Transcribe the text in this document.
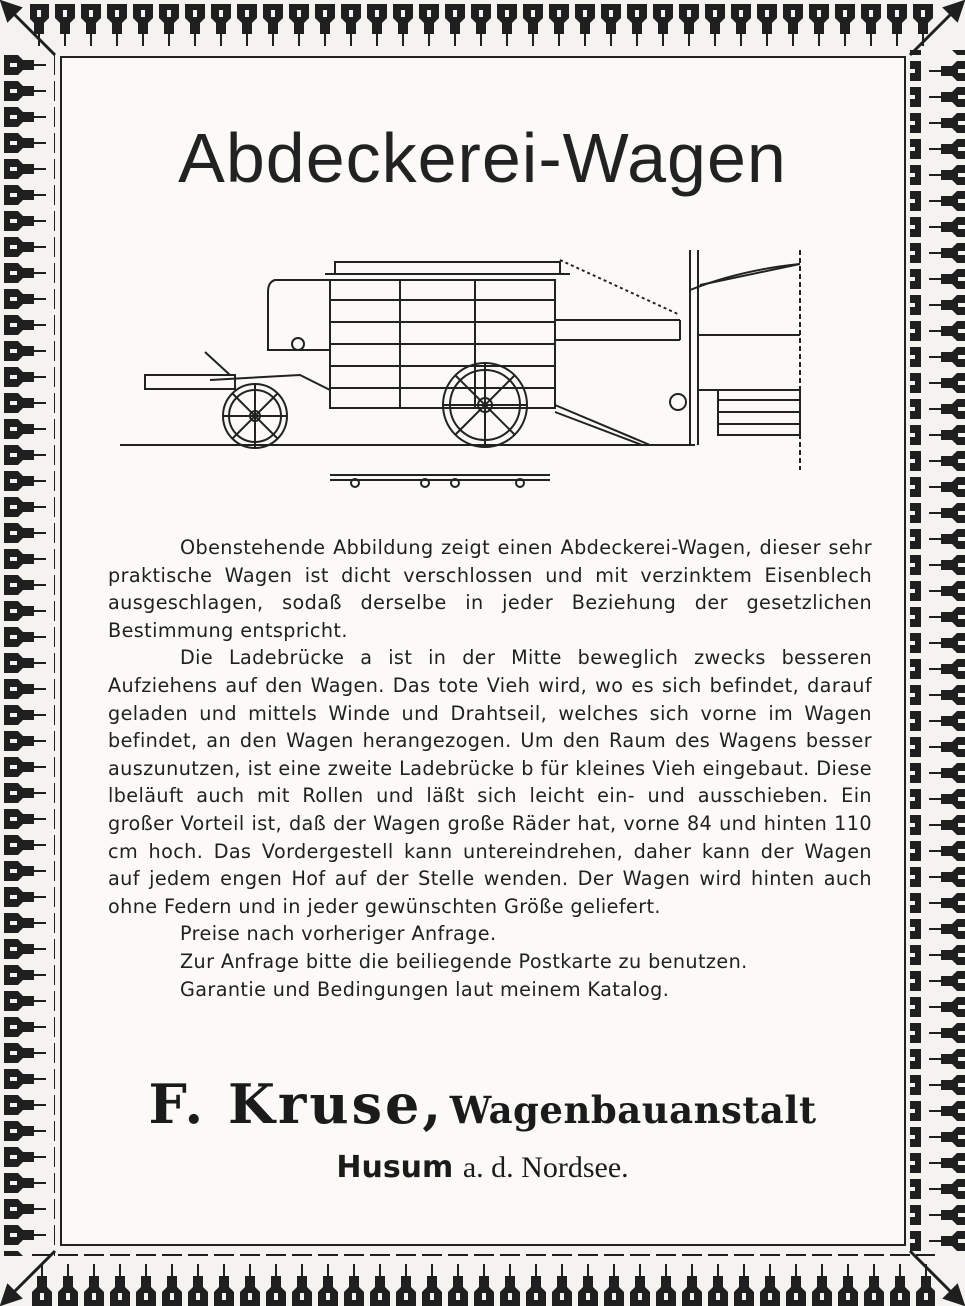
Abdeckerei-Wagen

Obenstehende Abbildung zeigt einen Abdeckerei-Wagen, dieser sehr praktische Wagen ist dicht verschlossen und mit verzinktem Eisenblech ausgeschlagen, sodaß derselbe in jeder Beziehung der gesetzlichen Bestimmung entspricht.

Die Ladebrücke a ist in der Mitte beweglich zwecks besseren Aufziehens auf den Wagen. Das tote Vieh wird, wo es sich befindet, darauf geladen und mittels Winde und Drahtseil, welches sich vorne im Wagen befindet, an den Wagen herangezogen. Um den Raum des Wagens besser auszunutzen, ist eine zweite Ladebrücke b für kleines Vieh eingebaut. Diese lbeläuft auch mit Rollen und läßt sich leicht ein- und ausschieben. Ein großer Vorteil ist, daß der Wagen große Räder hat, vorne 84 und hinten 110 cm hoch. Das Vordergestell kann untereindrehen, daher kann der Wagen auf jedem engen Hof auf der Stelle wenden. Der Wagen wird hinten auch ohne Federn und in jeder gewünschten Größe geliefert.

Preise nach vorheriger Anfrage.

Zur Anfrage bitte die beiliegende Postkarte zu benutzen.

Garantie und Bedingungen laut meinem Katalog.

F. Kruse, Wagenbauanstalt
Husum a. d. Nordsee.
